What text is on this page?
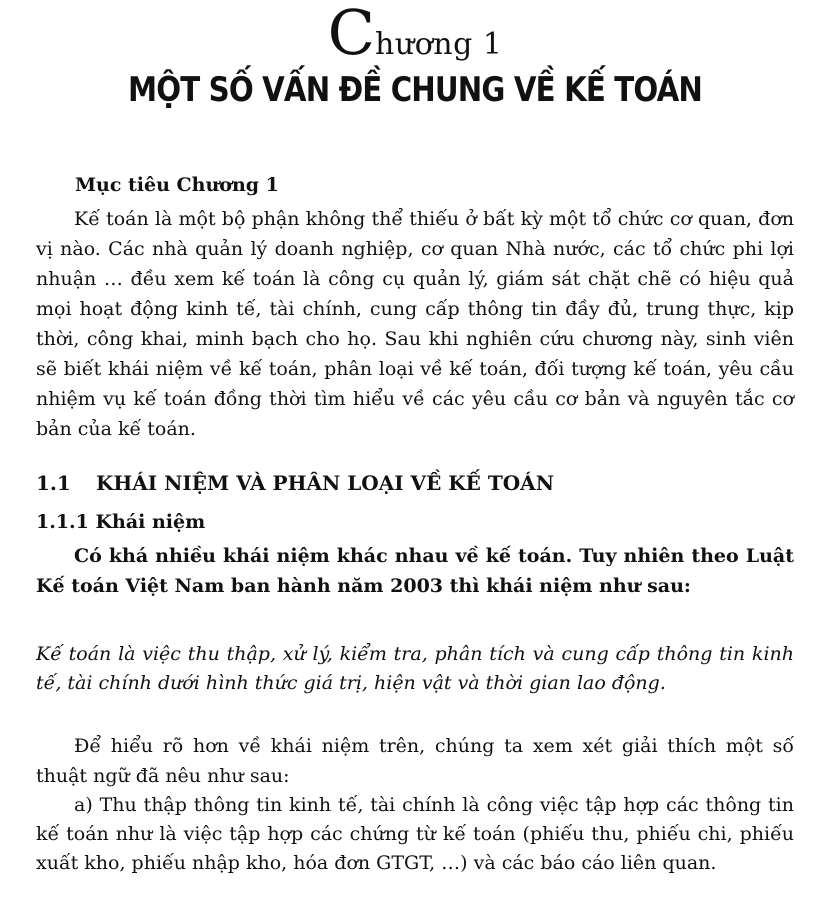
Chương 1
MỘT SỐ VẤN ĐỀ CHUNG VỀ KẾ TOÁN
Mục tiêu Chương 1

Kế toán là một bộ phận không thể thiếu ở bất kỳ một tổ chức cơ quan, đơn vị nào. Các nhà quản lý doanh nghiệp, cơ quan Nhà nước, các tổ chức phi lợi nhuận … đều xem kế toán là công cụ quản lý, giám sát chặt chẽ có hiệu quả mọi hoạt động kinh tế, tài chính, cung cấp thông tin đầy đủ, trung thực, kịp thời, công khai, minh bạch cho họ. Sau khi nghiên cứu chương này, sinh viên sẽ biết khái niệm về kế toán, phân loại về kế toán, đối tượng kế toán, yêu cầu nhiệm vụ kế toán đồng thời tìm hiểu về các yêu cầu cơ bản và nguyên tắc cơ bản của kế toán.

1.1 KHÁI NIỆM VÀ PHÂN LOẠI VỀ KẾ TOÁN
1.1.1 Khái niệm

Có khá nhiều khái niệm khác nhau về kế toán. Tuy nhiên theo Luật Kế toán Việt Nam ban hành năm 2003 thì khái niệm như sau:

Kế toán là việc thu thập, xử lý, kiểm tra, phân tích và cung cấp thông tin kinh tế, tài chính dưới hình thức giá trị, hiện vật và thời gian lao động.

Để hiểu rõ hơn về khái niệm trên, chúng ta xem xét giải thích một số thuật ngữ đã nêu như sau:

a) Thu thập thông tin kinh tế, tài chính là công việc tập hợp các thông tin kế toán như là việc tập hợp các chứng từ kế toán (phiếu thu, phiếu chi, phiếu xuất kho, phiếu nhập kho, hóa đơn GTGT, …) và các báo cáo liên quan.
